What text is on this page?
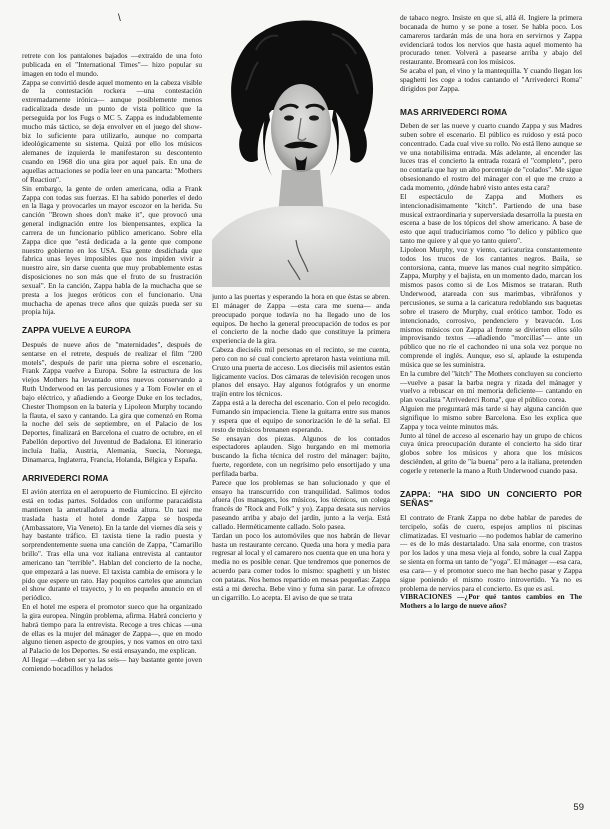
\

retrete con los pantalones bajados —extraído de una foto publicada en el "International Times"— hizo popular su imagen en todo el mundo.

Zappa se convirtió desde aquel momento en la cabeza visible de la contestación rockera —una contestación extremadamente irónica— aunque posiblemente menos radicalizada desde un punto de vista político que la perseguida por los Fugs o MC 5. Zappa es indudablemente mucho más táctico, se deja envolver en el juego del show-biz lo suficiente para utilizarlo, aunque no comparta ideológicamente su sistema. Quizá por ello los músicos alemanes de izquierda le manifestaron su descontento cuando en 1968 dio una gira por aquel país. En una de aquellas actuaciones se podía leer en una pancarta: "Mothers of Reaction".

Sin embargo, la gente de orden americana, odia a Frank Zappa con todas sus fuerzas. El ha sabido ponerles el dedo en la llaga y provocarles un mayor escozor en la herida. Su canción "Brown shoes don't make it", que provocó una general indignación entre los bienpensantes, explica la carrera de un funcionario público americano. Sobre ella Zappa dice que "está dedicada a la gente que compone nuestro gobierno en los USA. Esa gente desdichada que fabrica unas leyes imposibles que nos impiden vivir a nuestro aire, sin darse cuenta que muy probablemente estas disposiciones no son más que el fruto de su frustración sexual". En la canción, Zappa habla de la muchacha que se presta a los juegos eróticos con el funcionario. Una muchacha de apenas trece años que quizás pueda ser su propia hija.

ZAPPA VUELVE A EUROPA

Después de nueve años de "maternidades", después de sentarse en el retrete, después de realizar el film "200 motels", después de parir una pierna sobre el escenario, Frank Zappa vuelve a Europa. Sobre la estructura de los viejos Mothers ha levantado otros nuevos conservando a Ruth Underwood en las percusiones y a Tom Fowler en el bajo eléctrico, y añadiendo a George Duke en los teclados, Chester Thompson en la batería y Lipoleon Murphy tocando la flauta, el saxo y cantando. La gira que comenzó en Roma la noche del seis de septiembre, en el Palacio de los Deportes, finalizará en Barcelona el cuatro de octubre, en el Pabellón deportivo del Juventud de Badalona. El itinerario incluía Italia, Austria, Alemania, Suecia, Noruega, Dinamarca, Inglaterra, Francia, Holanda, Bélgica y España.

ARRIVEDERCI ROMA

El avión aterriza en el aeropuerto de Fiumiccino. El ejército está en todas partes. Soldados con uniforme paracaidista mantienen la ametralladora a media altura. Un taxi me traslada hasta el hotel donde Zappa se hospeda (Ambassatore, Via Veneto). En la tarde del viernes día seis y hay bastante tráfico. El taxista tiene la radio puesta y sorprendentemente suena una canción de Zappa, "Camarillo brillo". Tras ella una voz italiana entrevista al cantautor americano tan "terrible". Hablan del concierto de la noche, que empezará a las nueve. El taxista cambia de emisora y le pido que espere un rato. Hay poquitos carteles que anuncian el show durante el trayecto, y lo en pequeño anuncio en el periódico.

En el hotel me espera el promotor sueco que ha organizado la gira europea. Ningún problema, afirma. Habrá concierto y habrá tiempo para la entrevista. Recoge a tres chicas —una de ellas es la mujer del mánager de Zappa—, que en modo alguno tienen aspecto de groupies, y nos vamos en otro taxi al Palacio de los Deportes. Se está ensayando, me explican.

Al llegar —deben ser ya las seis— hay bastante gente joven comiendo bocadillos y helados

junto a las puertas y esperando la hora en que éstas se abren. El mánager de Zappa —esta cara me suena— anda preocupado porque todavía no ha llegado uno de los equipos. De hecho la general preocupación de todos es por el concierto de la noche dado que constituye la primera experiencia de la gira.

Cabeza dieciséis mil personas en el recinto, se me cuenta, pero con no sé cual concierto apretaron hasta veintiuna mil. Cruzo una puerta de acceso. Los dieciséis mil asientos están ligicamente vacíos. Dos cámaras de televisión recogen unos planos del ensayo. Hay algunos fotógrafos y un enorme trajín entre los técnicos.

Zappa está a la derecha del escenario. Con el pelo recogido. Fumando sin impaciencia. Tiene la guitarra entre sus manos y espera que el equipo de sonorización le dé la señal. El resto de músicos brenanen esperando.

Se ensayan dos piezas. Algunos de los contados espectadores aplauden. Sigo hurgando en mi memoria buscando la ficha técnica del rostro del mánager: bajito, fuerte, regordete, con un negrísimo pelo ensortijado y una perfilada barba.

Parece que los problemas se han solucionado y que el ensayo ha transcurrido con tranquilidad. Salimos todos afuera (los managers, los músicos, los técnicos, un colega francés de "Rock and Folk" y yo). Zappa desata sus nervios paseando arriba y abajo del jardín, junto a la verja. Está callado. Herméticamente callado. Solo pasea.

Tardan un poco los automóviles que nos habrán de llevar hasta un restaurante cercano. Queda una hora y media para regresar al local y el camarero nos cuenta que en una hora y media no es posible cenar. Que tendremos que ponernos de acuerdo para comer todos lo mismo: spaghetti y un bistec con patatas. Nos hemos repartido en mesas pequeñas: Zappa está a mi derecha. Bebe vino y fuma sin parar. Le ofrezco un cigarrillo. Lo acepta. El aviso de que se trata

de tabaco negro. Insiste en que sí, allá él. Ingiere la primera bocanada de humo y se pone a toser. Se habla poco. Los camareros tardarán más de una hora en servirnos y Zappa evidenciará todos los nervios que hasta aquel momento ha procurado tener. Volverá a pasearse arriba y abajo del restaurante. Bromeará con los músicos.

Se acaba el pan, el vino y la mantequilla. Y cuando llegan los spaghetti les coge a todos cantando el "Arrivederci Roma" dirigidos por Zappa.

MAS ARRIVEDERCI ROMA

Deben de ser las nueve y cuarto cuando Zappa y sus Madres suben sobre el escenario. El público es ruidoso y está poco concentrado. Cada cual vive su rollo. No está lleno aunque se ve una notabilísima entrada. Más adelante, al encender las luces tras el concierto la entrada rozará el "completo", pero no contaría que hay un alto porcentaje de "colados". Me sigue obsesionando el rostro del mánager con el que me cruzo a cada momento, ¿dónde habré visto antes esta cara?

El espectáculo de Zappa and Mothers es intencionadísimamente "kitch". Partiendo de una base musical extraordinaria y superversiada desarrolla la puesta en escena a base de los tópicos del show americano. A base de esto que aquí traduciríamos como "lo delico y público que tanto me quiere y al que yo tanto quiero".

Lipoleon Murphy, voz y viento, caricaturiza constantemente todos los trucos de los cantantes negros. Baila, se contorsiona, canta, mueve las manos cual negrito simpático. Zappa, Murphy y el bajista, en un momento dado, marcan los mismos pasos como si de Los Mismos se trataran. Ruth Underwood, atareada con sus marimbas, vibráfonos y percusiones, se suma a la caricatura redoblando sus baquetas sobre el trasero de Murphy, cual erótico tambor. Todo es intencionado, corrosivo, pendenciero y bravucón. Los mismos músicos con Zappa al frente se divierten ellos sólo improvisando textos —añadiendo "morcillas"— ante un público que no ríe el cachondeo ni una sola vez porque no comprende el inglés. Aunque, eso sí, aplaude la estupenda música que se les suministra.

En la cumbre del "kitch" The Mothers concluyen su concierto —vuelve a pasar la barba negra y rizada del mánager y vuelvo a rebuscar en mi memoria deficiente— cantando en plan vocalista "Arrivederci Roma", que el público corea.

Alguien me preguntará más tarde si hay alguna canción que signifique lo mismo sobre Barcelona. Eso les explica que Zappa y toca veinte minutos más.

Junto al túnel de acceso al escenario hay un grupo de chicos cuya única preocupación durante el concierto ha sido tirar globos sobre los músicos y ahora que los músicos desciénden, al grito de "ía buena" pero a la italiana, pretenden cogerle y retenerle la mano a Ruth Underwood cuando pasa.

ZAPPA: "HA SIDO UN CONCIERTO POR SEÑAS"

El contrato de Frank Zappa no debe hablar de paredes de tercipelo, sofás de cuero, espejos amplios ni piscinas climatizadas. El vestuario —no podemos hablar de camerino— es de lo más destartalado. Una sala enorme, con trastos por los lados y una mesa vieja al fondo, sobre la cual Zappa se sienta en forma un tanto de "yoga". El mánager —esa cara, esa cara— y el promotor sueco me han hecho pasar y Zappa sigue poniendo el mismo rostro introvertido. Ya no es problema de nervios para el concierto. Es que es así.

VIBRACIONES —¿Por qué tantos cambios en The Mothers a lo largo de nueve años?

59
